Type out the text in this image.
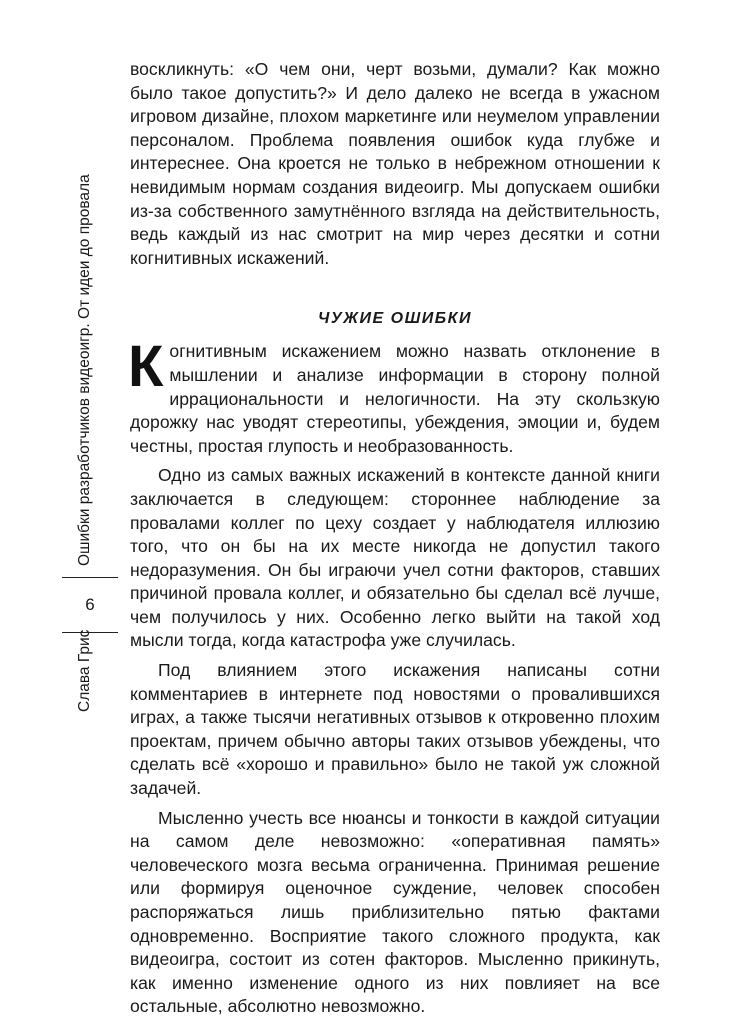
Ошибки разработчиков видеоигр. От идеи до провала
6
Слава Грис

воскликнуть: «О чем они, черт возьми, думали? Как можно было такое допустить?» И дело далеко не всегда в ужасном игровом дизайне, плохом маркетинге или неумелом управлении персоналом. Проблема появления ошибок куда глубже и интереснее. Она кроется не только в небрежном отношении к невидимым нормам создания видеоигр. Мы допускаем ошибки из-за собственного замутнённого взгляда на действительность, ведь каждый из нас смотрит на мир через десятки и сотни когнитивных искажений.

ЧУЖИЕ ОШИБКИ

Когнитивным искажением можно назвать отклонение в мышлении и анализе информации в сторону полной иррациональности и нелогичности. На эту скользкую дорожку нас уводят стереотипы, убеждения, эмоции и, будем честны, простая глупость и необразованность.

Одно из самых важных искажений в контексте данной книги заключается в следующем: стороннее наблюдение за провалами коллег по цеху создает у наблюдателя иллюзию того, что он бы на их месте никогда не допустил такого недоразумения. Он бы играючи учел сотни факторов, ставших причиной провала коллег, и обязательно бы сделал всё лучше, чем получилось у них. Особенно легко выйти на такой ход мысли тогда, когда катастрофа уже случилась.

Под влиянием этого искажения написаны сотни комментариев в интернете под новостями о провалившихся играх, а также тысячи негативных отзывов к откровенно плохим проектам, причем обычно авторы таких отзывов убеждены, что сделать всё «хорошо и правильно» было не такой уж сложной задачей.

Мысленно учесть все нюансы и тонкости в каждой ситуации на самом деле невозможно: «оперативная память» человеческого мозга весьма ограниченна. Принимая решение или формируя оценочное суждение, человек способен распоряжаться лишь приблизительно пятью фактами одновременно. Восприятие такого сложного продукта, как видеоигра, состоит из сотен факторов. Мысленно прикинуть, как именно изменение одного из них повлияет на все остальные, абсолютно невозможно.
